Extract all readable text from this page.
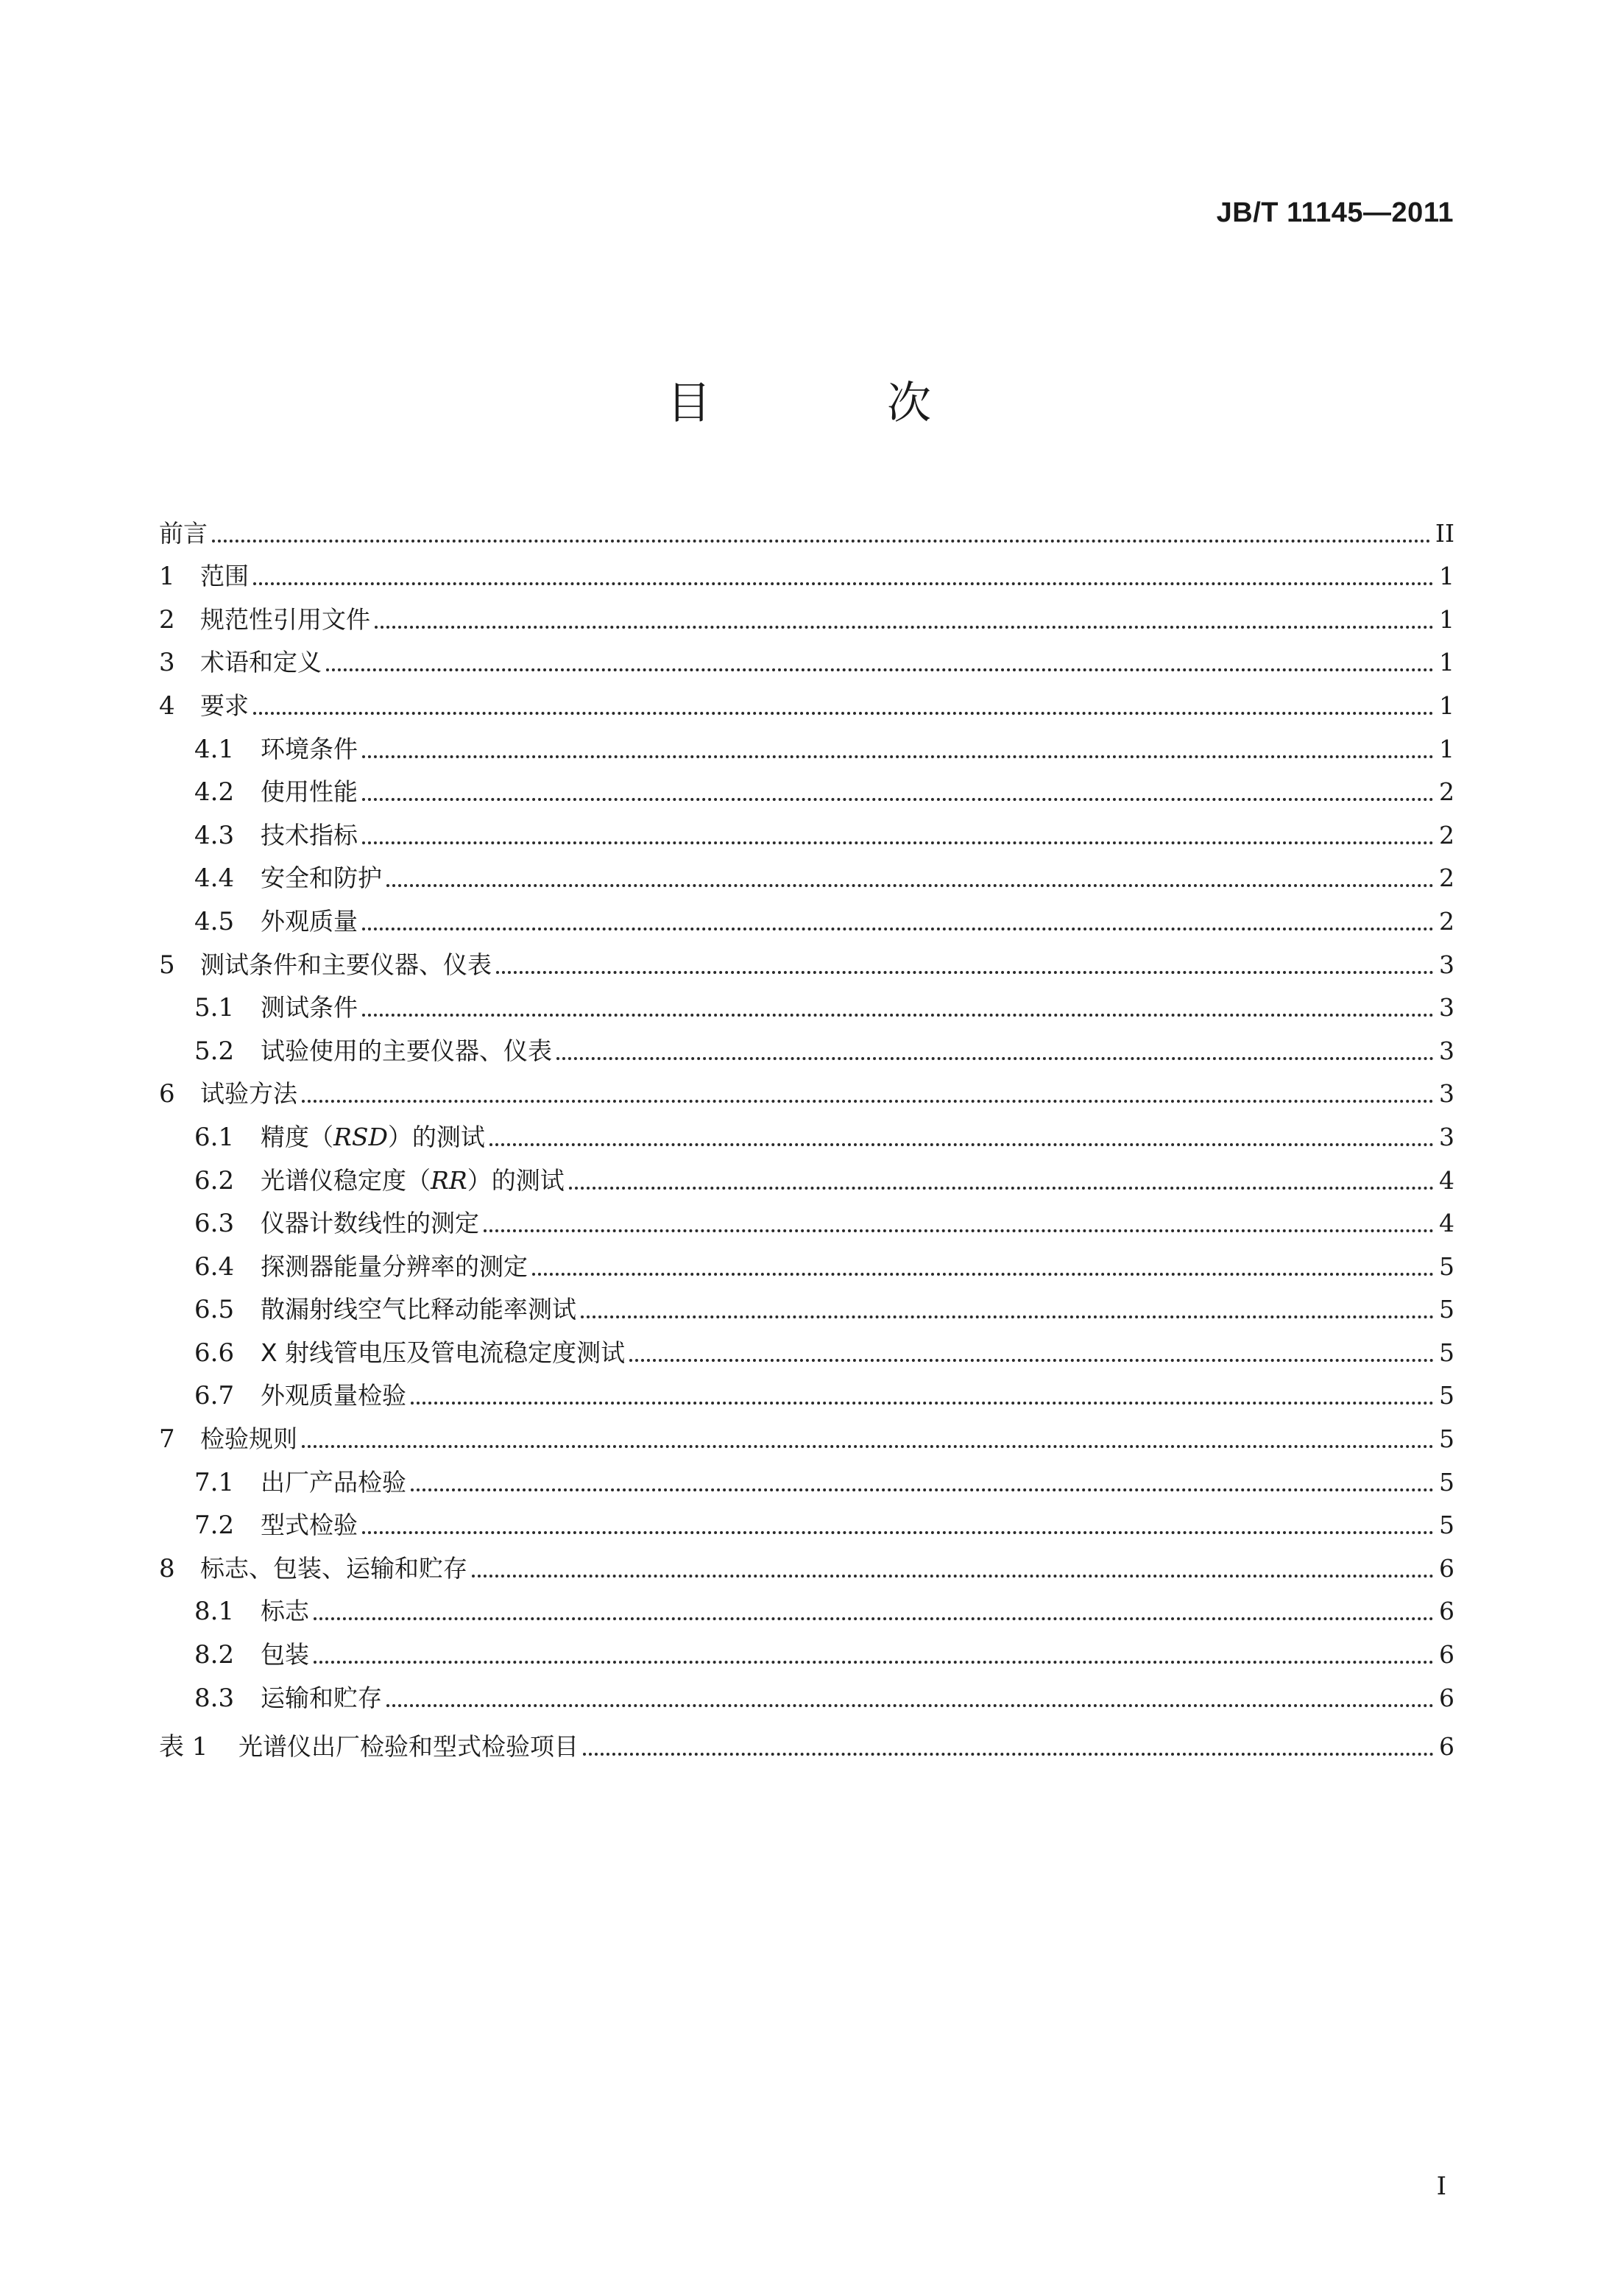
JB/T 11145—2011
目 次
前言	II
1	范围	1
2	规范性引用文件	1
3	术语和定义	1
4	要求	1
4.1	环境条件	1
4.2	使用性能	2
4.3	技术指标	2
4.4	安全和防护	2
4.5	外观质量	2
5	测试条件和主要仪器、仪表	3
5.1	测试条件	3
5.2	试验使用的主要仪器、仪表	3
6	试验方法	3
6.1	精度（RSD）的测试	3
6.2	光谱仪稳定度（RR）的测试	4
6.3	仪器计数线性的测定	4
6.4	探测器能量分辨率的测定	5
6.5	散漏射线空气比释动能率测试	5
6.6	X 射线管电压及管电流稳定度测试	5
6.7	外观质量检验	5
7	检验规则	5
7.1	出厂产品检验	5
7.2	型式检验	5
8	标志、包装、运输和贮存	6
8.1	标志	6
8.2	包装	6
8.3	运输和贮存	6
表 1	光谱仪出厂检验和型式检验项目	6
I
